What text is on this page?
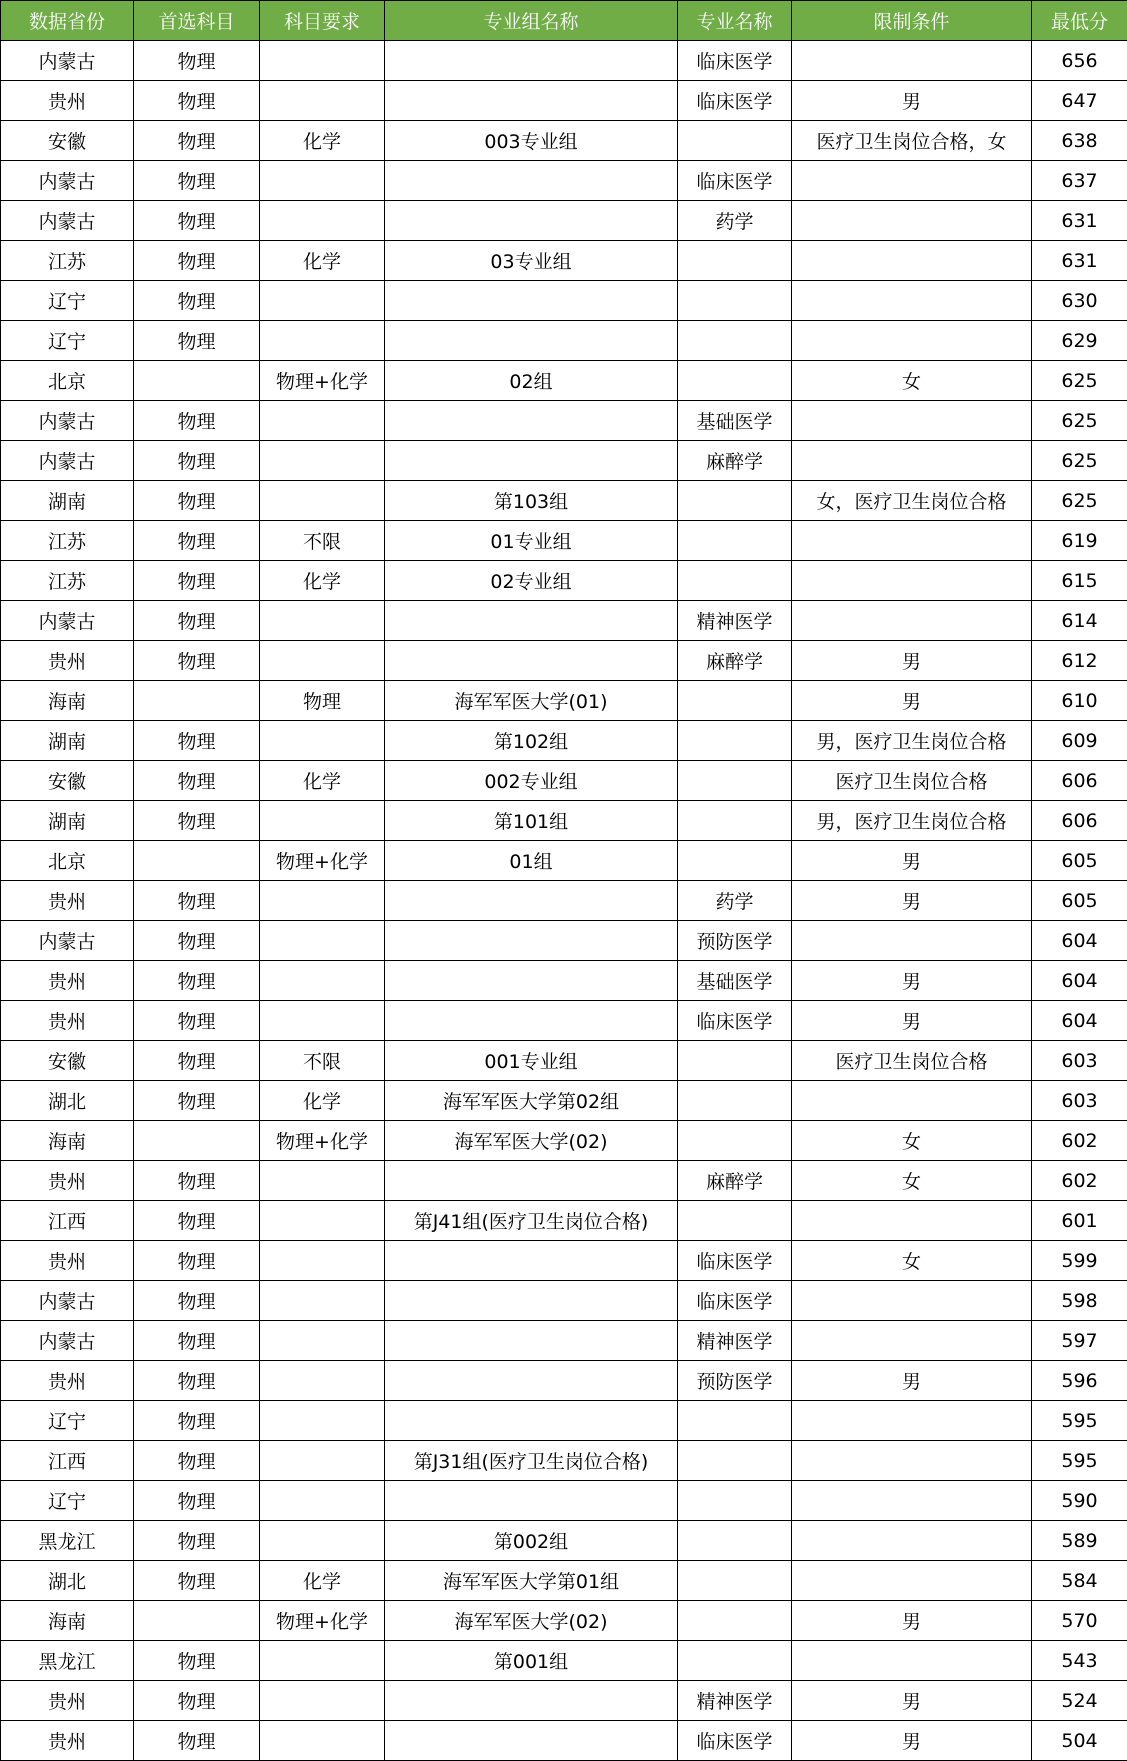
数据省份	首选科目	科目要求	专业组名称	专业名称	限制条件	最低分
内蒙古	物理			临床医学		656
贵州	物理			临床医学	男	647
安徽	物理	化学	003专业组		医疗卫生岗位合格，女	638
内蒙古	物理			临床医学		637
内蒙古	物理			药学		631
江苏	物理	化学	03专业组			631
辽宁	物理					630
辽宁	物理					629
北京		物理+化学	02组		女	625
内蒙古	物理			基础医学		625
内蒙古	物理			麻醉学		625
湖南	物理		第103组		女，医疗卫生岗位合格	625
江苏	物理	不限	01专业组			619
江苏	物理	化学	02专业组			615
内蒙古	物理			精神医学		614
贵州	物理			麻醉学	男	612
海南		物理	海军军医大学(01)		男	610
湖南	物理		第102组		男，医疗卫生岗位合格	609
安徽	物理	化学	002专业组		医疗卫生岗位合格	606
湖南	物理		第101组		男，医疗卫生岗位合格	606
北京		物理+化学	01组		男	605
贵州	物理			药学	男	605
内蒙古	物理			预防医学		604
贵州	物理			基础医学	男	604
贵州	物理			临床医学	男	604
安徽	物理	不限	001专业组		医疗卫生岗位合格	603
湖北	物理	化学	海军军医大学第02组			603
海南		物理+化学	海军军医大学(02)		女	602
贵州	物理			麻醉学	女	602
江西	物理		第J41组(医疗卫生岗位合格)			601
贵州	物理			临床医学	女	599
内蒙古	物理			临床医学		598
内蒙古	物理			精神医学		597
贵州	物理			预防医学	男	596
辽宁	物理					595
江西	物理		第J31组(医疗卫生岗位合格)			595
辽宁	物理					590
黑龙江	物理		第002组			589
湖北	物理	化学	海军军医大学第01组			584
海南		物理+化学	海军军医大学(02)		男	570
黑龙江	物理		第001组			543
贵州	物理			精神医学	男	524
贵州	物理			临床医学	男	504
